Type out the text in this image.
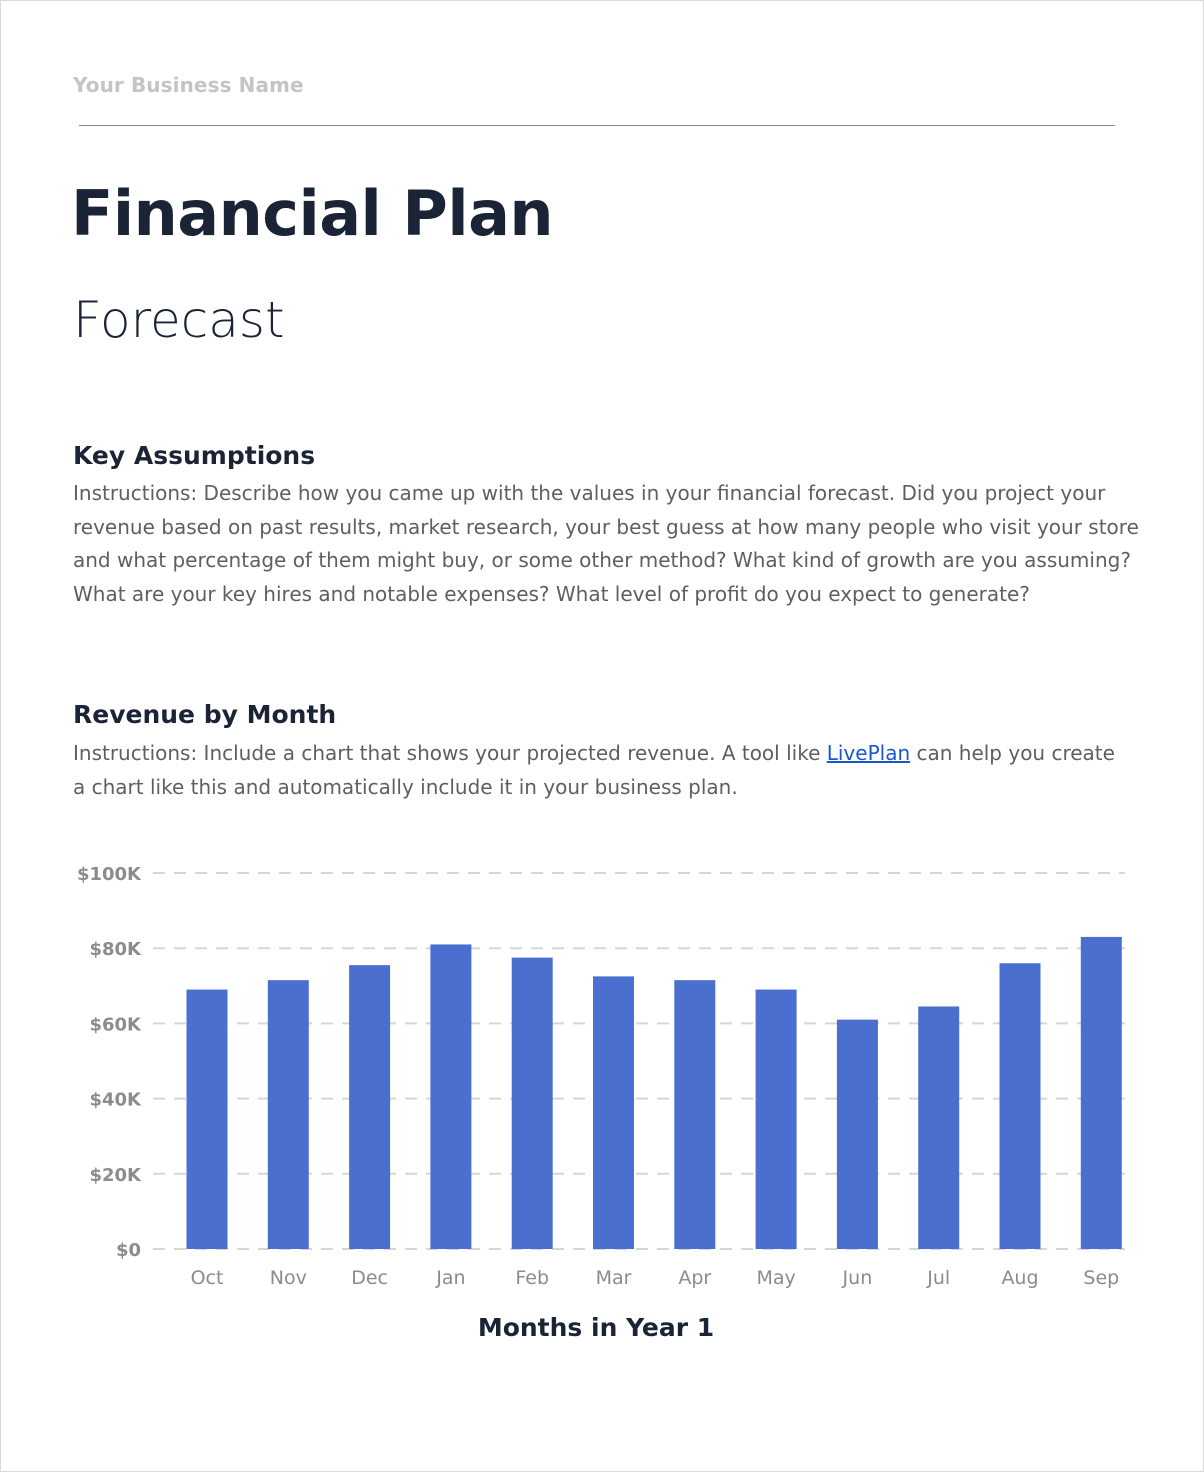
Your Business Name
Financial Plan
Forecast
Key Assumptions
Instructions: Describe how you came up with the values in your financial forecast. Did you project your revenue based on past results, market research, your best guess at how many people who visit your store and what percentage of them might buy, or some other method? What kind of growth are you assuming? What are your key hires and notable expenses? What level of profit do you expect to generate?
Revenue by Month
Instructions: Include a chart that shows your projected revenue. A tool like LivePlan can help you create a chart like this and automatically include it in your business plan.
$0
$20K
$40K
$60K
$80K
$100K
Oct Nov Dec	Jan	Feb Mar Apr May Jun	Jul	Aug Sep
Months in Year 1
